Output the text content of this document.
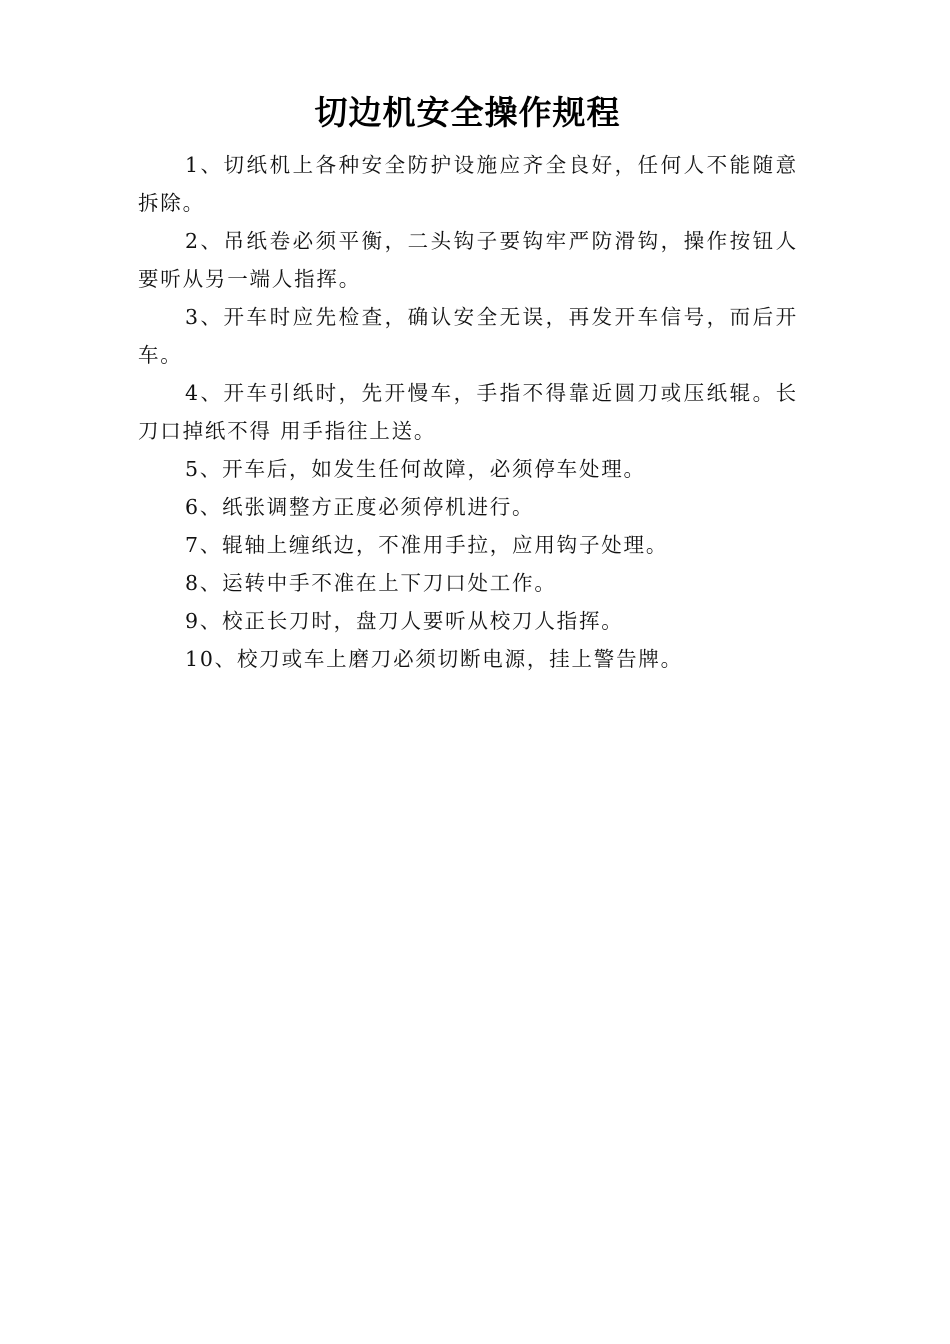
切边机安全操作规程

1、切纸机上各种安全防护设施应齐全良好，任何人不能随意拆除。

2、吊纸卷必须平衡，二头钩子要钩牢严防滑钩，操作按钮人要听从另一端人指挥。

3、开车时应先检查，确认安全无误，再发开车信号，而后开车。

4、开车引纸时，先开慢车，手指不得靠近圆刀或压纸辊。长刀口掉纸不得 用手指往上送。

5、开车后，如发生任何故障，必须停车处理。

6、纸张调整方正度必须停机进行。

7、辊轴上缠纸边，不准用手拉，应用钩子处理。

8、运转中手不准在上下刀口处工作。

9、校正长刀时，盘刀人要听从校刀人指挥。

10、校刀或车上磨刀必须切断电源，挂上警告牌。
